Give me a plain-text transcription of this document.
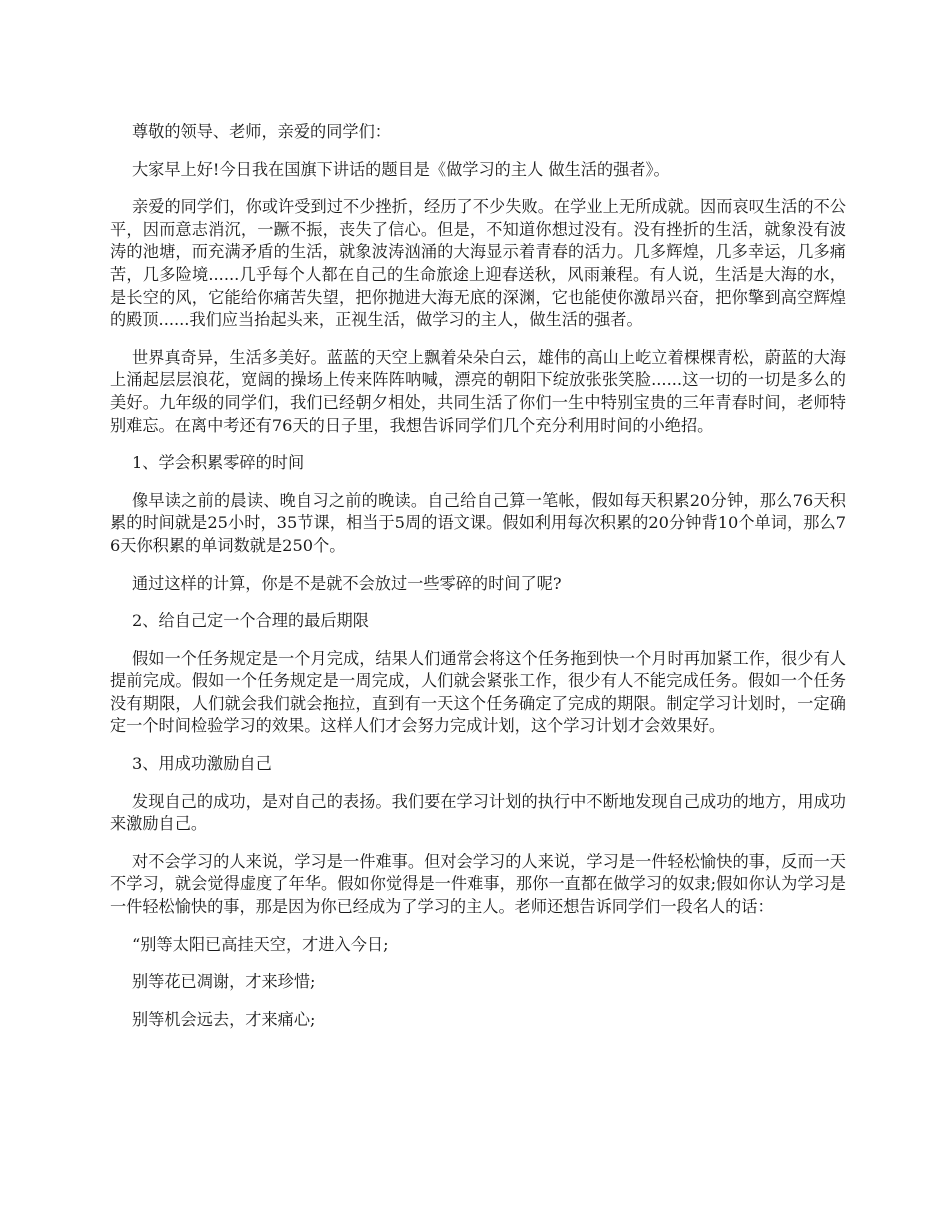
尊敬的领导、老师，亲爱的同学们：

大家早上好!今日我在国旗下讲话的题目是《做学习的主人 做生活的强者》。

亲爱的同学们，你或许受到过不少挫折，经历了不少失败。在学业上无所成就。因而哀叹生活的不公平，因而意志消沉，一蹶不振，丧失了信心。但是，不知道你想过没有。没有挫折的生活，就象没有波涛的池塘，而充满矛盾的生活，就象波涛汹涌的大海显示着青春的活力。几多辉煌，几多幸运，几多痛苦，几多险境......几乎每个人都在自己的生命旅途上迎春送秋，风雨兼程。有人说，生活是大海的水，是长空的风，它能给你痛苦失望，把你抛进大海无底的深渊，它也能使你激昂兴奋，把你擎到高空辉煌的殿顶......我们应当抬起头来，正视生活，做学习的主人，做生活的强者。

世界真奇异，生活多美好。蓝蓝的天空上飘着朵朵白云，雄伟的高山上屹立着棵棵青松，蔚蓝的大海上涌起层层浪花，宽阔的操场上传来阵阵呐喊，漂亮的朝阳下绽放张张笑脸......这一切的一切是多么的美好。九年级的同学们，我们已经朝夕相处，共同生活了你们一生中特别宝贵的三年青春时间，老师特别难忘。在离中考还有76天的日子里，我想告诉同学们几个充分利用时间的小绝招。

1、学会积累零碎的时间

像早读之前的晨读、晚自习之前的晚读。自己给自己算一笔帐，假如每天积累20分钟，那么76天积累的时间就是25小时，35节课，相当于5周的语文课。假如利用每次积累的20分钟背10个单词，那么76天你积累的单词数就是250个。

通过这样的计算，你是不是就不会放过一些零碎的时间了呢?

2、给自己定一个合理的最后期限

假如一个任务规定是一个月完成，结果人们通常会将这个任务拖到快一个月时再加紧工作，很少有人提前完成。假如一个任务规定是一周完成，人们就会紧张工作，很少有人不能完成任务。假如一个任务没有期限，人们就会我们就会拖拉，直到有一天这个任务确定了完成的期限。制定学习计划时，一定确定一个时间检验学习的效果。这样人们才会努力完成计划，这个学习计划才会效果好。

3、用成功激励自己

发现自己的成功，是对自己的表扬。我们要在学习计划的执行中不断地发现自己成功的地方，用成功来激励自己。

对不会学习的人来说，学习是一件难事。但对会学习的人来说，学习是一件轻松愉快的事，反而一天不学习，就会觉得虚度了年华。假如你觉得是一件难事，那你一直都在做学习的奴隶;假如你认为学习是一件轻松愉快的事，那是因为你已经成为了学习的主人。老师还想告诉同学们一段名人的话：

“别等太阳已高挂天空，才进入今日;

别等花已凋谢，才来珍惜;

别等机会远去，才来痛心;
